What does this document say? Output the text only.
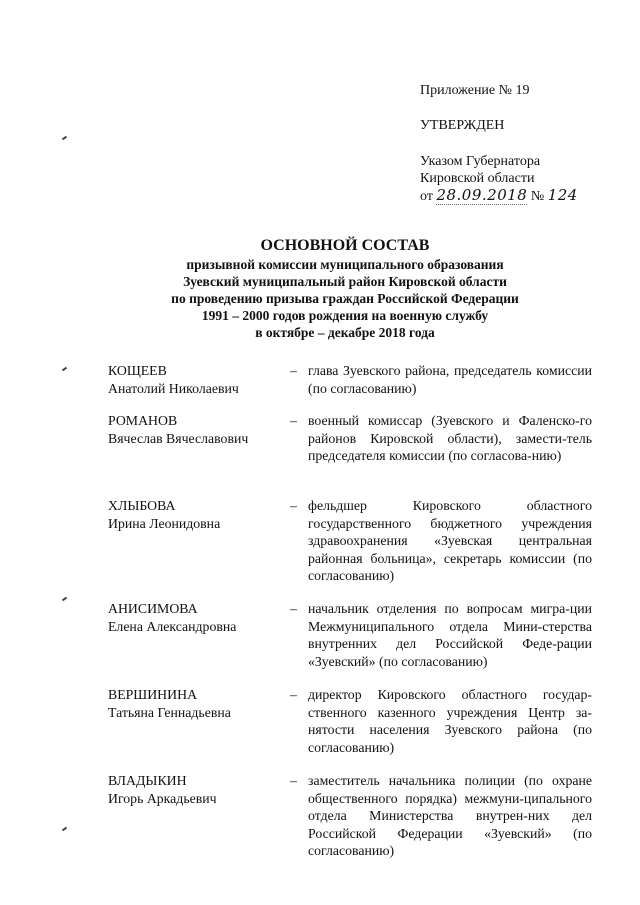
Приложение № 19
УТВЕРЖДЕН
Указом Губернатора
Кировской области
от 28.09.2018 № 124
ОСНОВНОЙ СОСТАВ
призывной комиссии муниципального образования
Зуевский муниципальный район Кировской области
по проведению призыва граждан Российской Федерации
1991 – 2000 годов рождения на военную службу
в октябре – декабре 2018 года
КОЩЕЕВ
Анатолий Николаевич
– глава Зуевского района, председатель комиссии (по согласованию)
РОМАНОВ
Вячеслав Вячеславович
– военный комиссар (Зуевского и Фаленско-го районов Кировской области), замести-тель председателя комиссии (по согласова-нию)
ХЛЫБОВА
Ирина Леонидовна
– фельдшер Кировского областного государственного бюджетного учреждения здравоохранения «Зуевская центральная районная больница», секретарь комиссии (по согласованию)
АНИСИМОВА
Елена Александровна
– начальник отделения по вопросам мигра-ции Межмуниципального отдела Мини-стерства внутренних дел Российской Феде-рации «Зуевский» (по согласованию)
ВЕРШИНИНА
Татьяна Геннадьевна
– директор Кировского областного государ-ственного казенного учреждения Центр за-нятости населения Зуевского района (по согласованию)
ВЛАДЫКИН
Игорь Аркадьевич
– заместитель начальника полиции (по охране общественного порядка) межмуни-ципального отдела Министерства внутрен-них дел Российской Федерации «Зуевский» (по согласованию)
